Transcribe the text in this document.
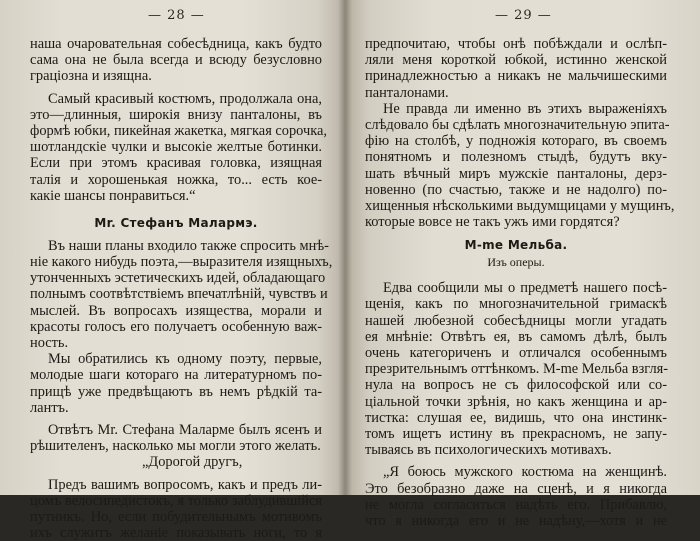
— 28 —
наша очаровательная собесѣдница, какъ будто
сама она не была всегда и всюду безусловно
грацiозна и изящна.
Самый красивый костюмъ, продолжала она,
это—длинныя, широкiя внизу панталоны, въ
формѣ юбки, пикейная жакетка, мягкая сорочка,
шотландскiе чулки и высокiе желтые ботинки.
Если при этомъ красивая головка, изящная
талiя и хорошенькая ножка, то... есть кое-
какiе шансы понравиться.“
Mr. Стефанъ Малармэ.
Въ наши планы входило также спросить мнѣ-
нiе какого нибудь поэта,—выразителя изящныхъ,
утонченныхъ эстетическихъ идей, обладающаго
полнымъ соотвѣтствiемъ впечатлѣнiй, чувствъ и
мыслей. Въ вопросахъ изящества, морали и
красоты голосъ его получаетъ особенную важ-
ность.
Мы обратились къ одному поэту, первые,
молодые шаги котораго на литературномъ по-
прищѣ уже предвѣщаютъ въ немъ рѣдкiй та-
лантъ.
Отвѣтъ Mr. Стефана Маларме былъ ясенъ и
рѣшителенъ, насколько мы могли этого желать.
„Дорогой другъ,
Предъ вашимъ вопросомъ, какъ и предъ ли-
цомъ велосипедистокъ, я только заблудившiйся
путникъ. Но, если побудительнымъ мотивомъ
ихъ служитъ желанiе показывать ноги, то я
— 29 —
предпочитаю, чтобы онѣ побѣждали и ослѣп-
ляли меня короткой юбкой, истинно женской
принадлежностью а никакъ не мальчишескими
панталонами.
Не правда ли именно въ этихъ выраженiяхъ
слѣдовало бы сдѣлать многозначительную эпита-
фiю на столбѣ, у подножiя котораго, въ своемъ
понятномъ и полезномъ стыдѣ, будутъ вку-
шать вѣчный миръ мужскiе панталоны, дерз-
новенно (по счастью, также и не надолго) по-
хищенныя нѣсколькими выдумщицами у мущинъ,
которые вовсе не такъ ужъ ими гордятся?
M-me Мельба.
Изъ оперы.
Едва сообщили мы о предметѣ нашего посѣ-
щенiя, какъ по многозначительной гримаскѣ
нашей любезной собесѣдницы могли угадать
ея мнѣнiе: Отвѣтъ ея, въ самомъ дѣлѣ, былъ
очень категориченъ и отличался особеннымъ
презрительнымъ оттѣнкомъ. M-me Мельба взгля-
нула на вопросъ не съ философской или со-
цiальной точки зрѣнiя, но какъ женщина и ар-
тистка: слушая ее, видишь, что она инстинк-
томъ ищетъ истину въ прекрасномъ, не запу-
тываясь въ психологическихъ мотивахъ.
„Я боюсь мужского костюма на женщинѣ.
Это безобразно даже на сценѣ, и я никогда
не могла согласиться надѣть его. Прибавлю,
что я никогда его и не надѣну,—хотя и не
